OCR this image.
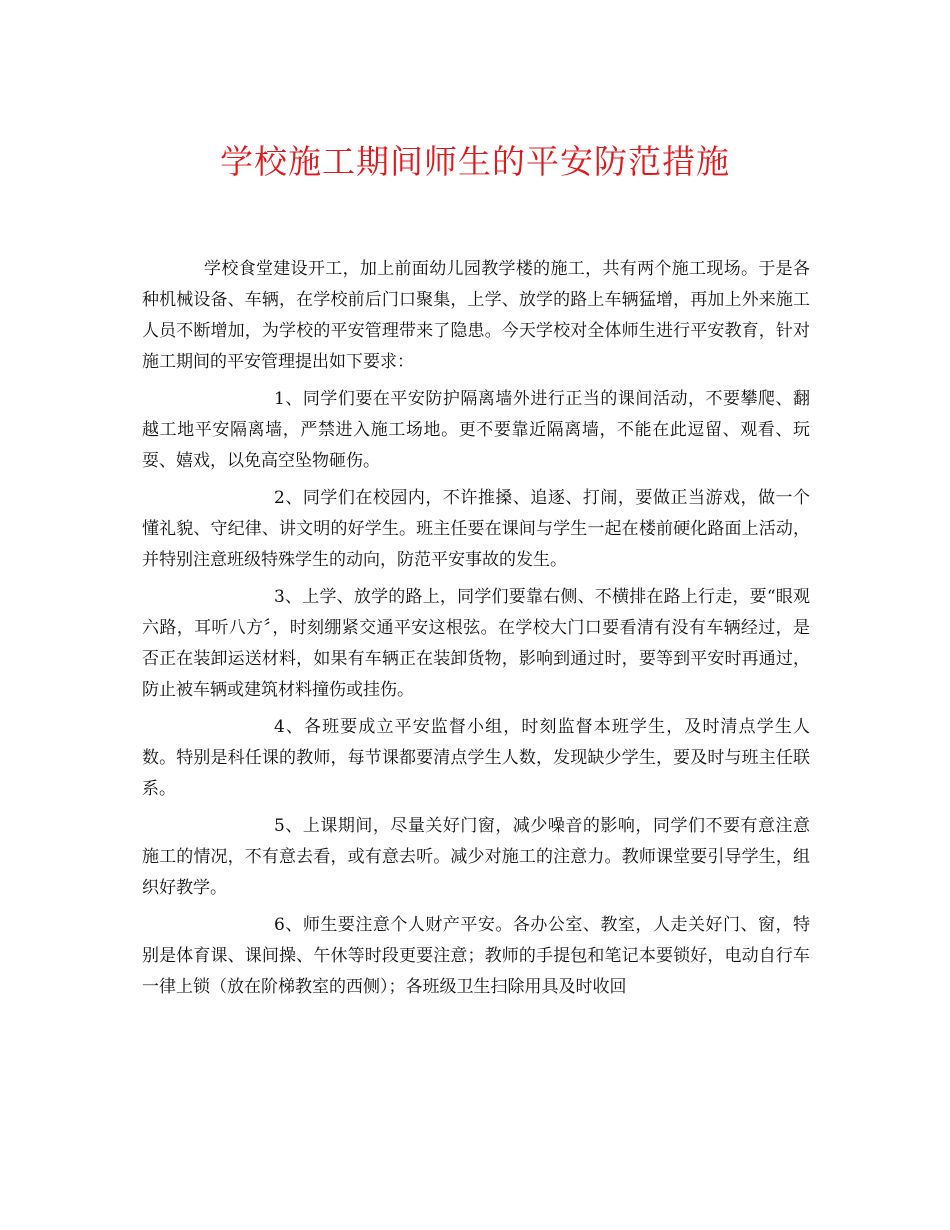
学校施工期间师生的平安防范措施

学校食堂建设开工，加上前面幼儿园教学楼的施工，共有两个施工现场。于是各种机械设备、车辆，在学校前后门口聚集，上学、放学的路上车辆猛增，再加上外来施工人员不断增加，为学校的平安管理带来了隐患。今天学校对全体师生进行平安教育，针对施工期间的平安管理提出如下要求：

1、同学们要在平安防护隔离墙外进行正当的课间活动，不要攀爬、翻越工地平安隔离墙，严禁进入施工场地。更不要靠近隔离墙，不能在此逗留、观看、玩耍、嬉戏，以免高空坠物砸伤。

2、同学们在校园内，不许推搡、追逐、打闹，要做正当游戏，做一个懂礼貌、守纪律、讲文明的好学生。班主任要在课间与学生一起在楼前硬化路面上活动，并特别注意班级特殊学生的动向，防范平安事故的发生。

3、上学、放学的路上，同学们要靠右侧、不横排在路上行走，要“眼观六路，耳听八方〞，时刻绷紧交通平安这根弦。在学校大门口要看清有没有车辆经过，是否正在装卸运送材料，如果有车辆正在装卸货物，影响到通过时，要等到平安时再通过，防止被车辆或建筑材料撞伤或挂伤。

4、各班要成立平安监督小组，时刻监督本班学生，及时清点学生人数。特别是科任课的教师，每节课都要清点学生人数，发现缺少学生，要及时与班主任联系。

5、上课期间，尽量关好门窗，减少噪音的影响，同学们不要有意注意施工的情况，不有意去看，或有意去听。减少对施工的注意力。教师课堂要引导学生，组织好教学。

6、师生要注意个人财产平安。各办公室、教室，人走关好门、窗，特别是体育课、课间操、午休等时段更要注意；教师的手提包和笔记本要锁好，电动自行车一律上锁（放在阶梯教室的西侧）；各班级卫生扫除用具及时收回
